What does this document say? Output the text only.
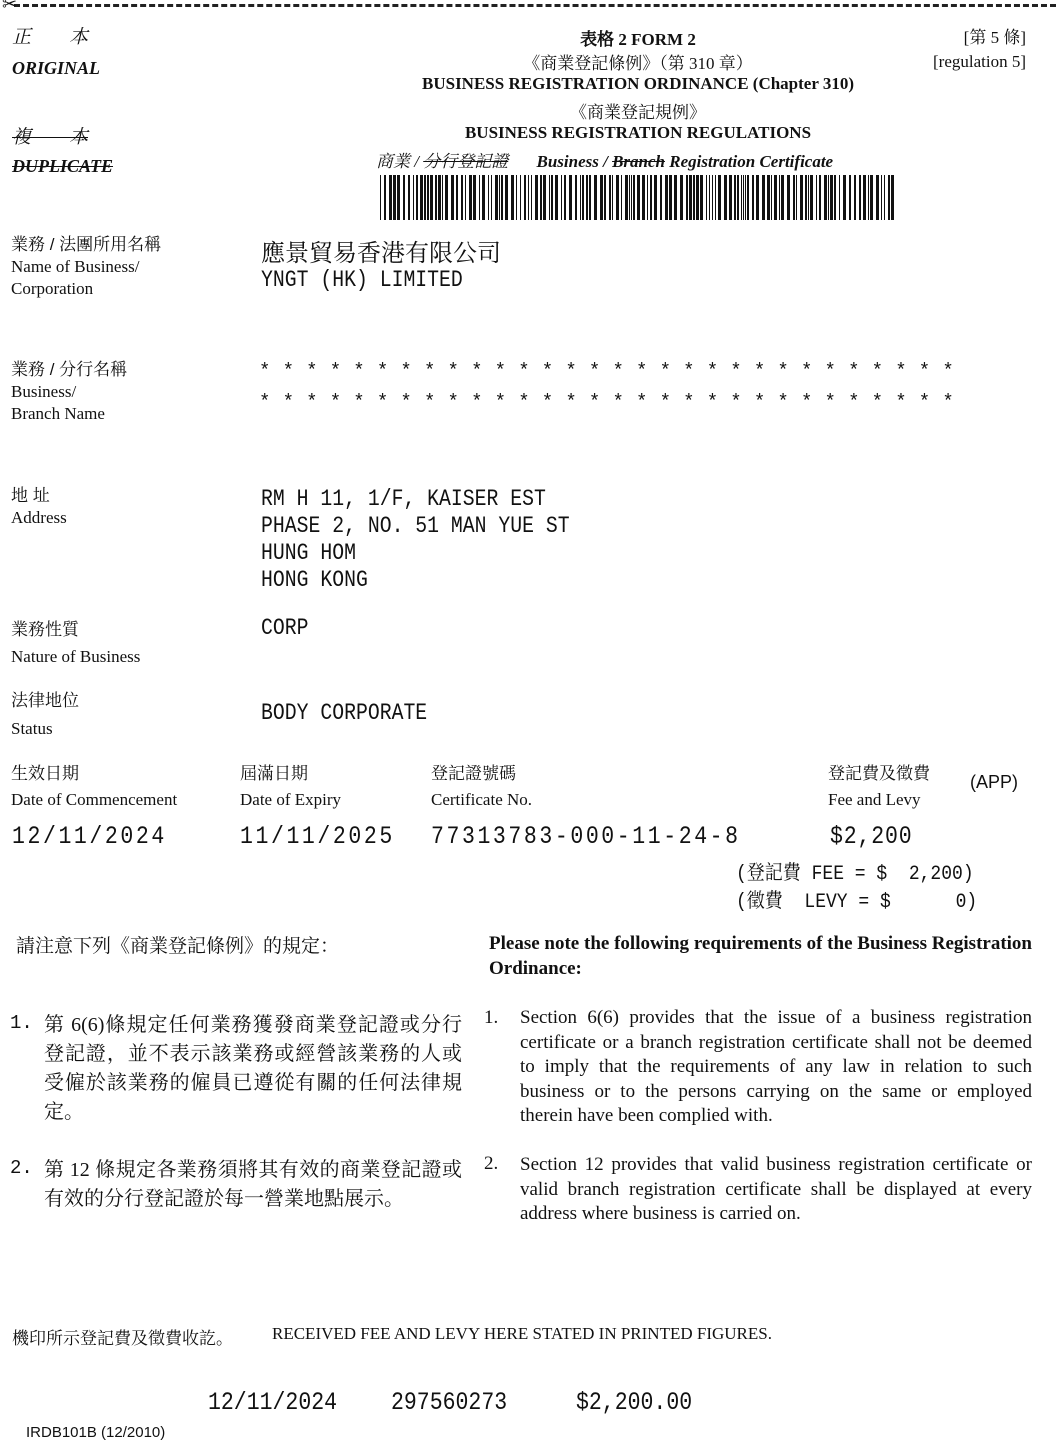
✂
正　　本
ORIGINAL
複　　本
DUPLICATE
表格 2 FORM 2
《商業登記條例》（第 310 章）
BUSINESS REGISTRATION ORDINANCE (Chapter 310)
《商業登記規例》
BUSINESS REGISTRATION REGULATIONS
商業 / 分行登記證 Business / Branch Registration Certificate
[第 5 條]
[regulation 5]
業務 / 法團所用名稱
Name of Business/
Corporation
應景貿易香港有限公司
YNGT (HK) LIMITED
業務 / 分行名稱
Business/
Branch Name
* * * * * * * * * * * * * * * * * * * * * * * * * * * * * *
* * * * * * * * * * * * * * * * * * * * * * * * * * * * * *
地 址
Address
RM H 11, 1/F, KAISER EST
PHASE 2, NO. 51 MAN YUE ST
HUNG HOM
HONG KONG
業務性質
Nature of Business
CORP
法律地位
Status
BODY CORPORATE
生效日期
Date of Commencement
12/11/2024
屆滿日期
Date of Expiry
11/11/2025
登記證號碼
Certificate No.
77313783-000-11-24-8
登記費及徵費
Fee and Levy
(APP)
$2,200
(登記費 FEE = $  2,200)
(徵費  LEVY = $      0)
請注意下列《商業登記條例》的規定：
1. 第 6(6)條規定任何業務獲發商業登記證或分行登記證，並不表示該業務或經營該業務的人或受僱於該業務的僱員已遵從有關的任何法律規定。
2. 第 12 條規定各業務須將其有效的商業登記證或有效的分行登記證於每一營業地點展示。
Please note the following requirements of the Business Registration Ordinance:
1. Section 6(6) provides that the issue of a business registration certificate or a branch registration certificate shall not be deemed to imply that the requirements of any law in relation to such business or to the persons carrying on the same or employed therein have been complied with.
2. Section 12 provides that valid business registration certificate or valid branch registration certificate shall be displayed at every address where business is carried on.
機印所示登記費及徵費收訖。 RECEIVED FEE AND LEVY HERE STATED IN PRINTED FIGURES.
12/11/2024 297560273	$2,200.00
IRDB101B (12/2010)
